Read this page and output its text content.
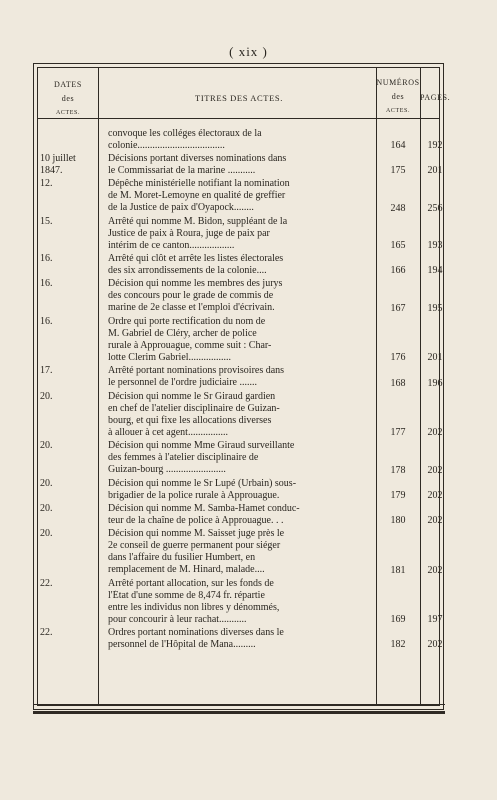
( xix )
DATES
des
ACTES.
TITRES DES ACTES.
NUMÉROS
des
ACTES.
PAGES.
convoque les colléges électoraux de la
colonie...................................	164	192
10 juillet 1847.
Décisions portant diverses nominations dans
le Commissariat de la marine ...........	175	201
12.	Dépêche ministérielle notifiant la nomination
de M. Moret-Lemoyne en qualité de greffier
de la Justice de paix d'Oyapock........	248	256
15.	Arrêté qui nomme M. Bidon, suppléant de la
Justice de paix à Roura, juge de paix par
intérim de ce canton..................	165	193
16.	Arrêté qui clôt et arrête les listes électorales
des six arrondissements de la colonie....	166	194
16.	Décision qui nomme les membres des jurys
des concours pour le grade de commis de
marine de 2e classe et l'emploi d'écrivain.	167	195
16.	Ordre qui porte rectification du nom de
M. Gabriel de Cléry, archer de police
rurale à Approuague, comme suit : Char-
lotte Clerim Gabriel.................	176	201
17.	Arrêté portant nominations provisoires dans
le personnel de l'ordre judiciaire .......	168	196
20.	Décision qui nomme le Sr Giraud gardien
en chef de l'atelier disciplinaire de Guizan-
bourg, et qui fixe les allocations diverses
à allouer à cet agent................	177	202
20.	Décision qui nomme Mme Giraud surveillante
des femmes à l'atelier disciplinaire de
Guizan-bourg ........................	178	202
20.	Décision qui nomme le Sr Lupé (Urbain) sous-
brigadier de la police rurale à Approuague.	179	202
20.	Décision qui nomme M. Samba-Hamet conduc-
teur de la chaîne de police à Approuague. . .	180	202
20.	Décision qui nomme M. Saisset juge près le
2e conseil de guerre permanent pour siéger
dans l'affaire du fusilier Humbert, en
remplacement de M. Hinard, malade....	181	202
22.	Arrêté portant allocation, sur les fonds de
l'État d'une somme de 8,474 fr. répartie
entre les individus non libres y dénommés,
pour concourir à leur rachat...........	169	197
22.	Ordres portant nominations diverses dans le
personnel de l'Hôpital de Mana.........	182	202
